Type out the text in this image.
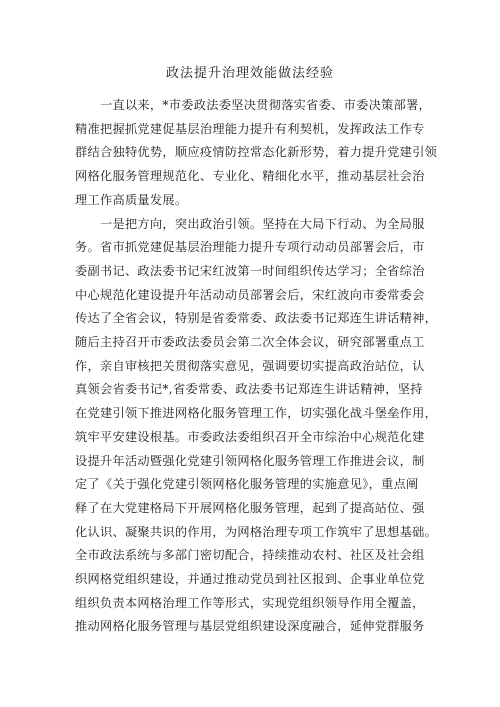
政法提升治理效能做法经验
　　一直以来，*市委政法委坚决贯彻落实省委、市委决策部署，
精准把握抓党建促基层治理能力提升有利契机，发挥政法工作专
群结合独特优势，顺应疫情防控常态化新形势，着力提升党建引领
网格化服务管理规范化、专业化、精细化水平，推动基层社会治
理工作高质量发展。
　　一是把方向，突出政治引领。坚持在大局下行动、为全局服
务。省市抓党建促基层治理能力提升专项行动动员部署会后，市
委副书记、政法委书记宋红波第一时间组织传达学习；全省综治
中心规范化建设提升年活动动员部署会后，宋红波向市委常委会
传达了全省会议，特别是省委常委、政法委书记郑连生讲话精神，
随后主持召开市委政法委员会第二次全体会议，研究部署重点工
作，亲自审核把关贯彻落实意见，强调要切实提高政治站位，认
真领会省委书记*,省委常委、政法委书记郑连生讲话精神，坚持
在党建引领下推进网格化服务管理工作，切实强化战斗堡垒作用，
筑牢平安建设根基。市委政法委组织召开全市综治中心规范化建
设提升年活动暨强化党建引领网格化服务管理工作推进会议，制
定了《关于强化党建引领网格化服务管理的实施意见》，重点阐
释了在大党建格局下开展网格化服务管理，起到了提高站位、强
化认识、凝聚共识的作用，为网格治理专项工作筑牢了思想基础。
全市政法系统与多部门密切配合，持续推动农村、社区及社会组
织网格党组织建设，并通过推动党员到社区报到、企事业单位党
组织负责本网格治理工作等形式，实现党组织领导作用全覆盖，
推动网格化服务管理与基层党组织建设深度融合，延伸党群服务
